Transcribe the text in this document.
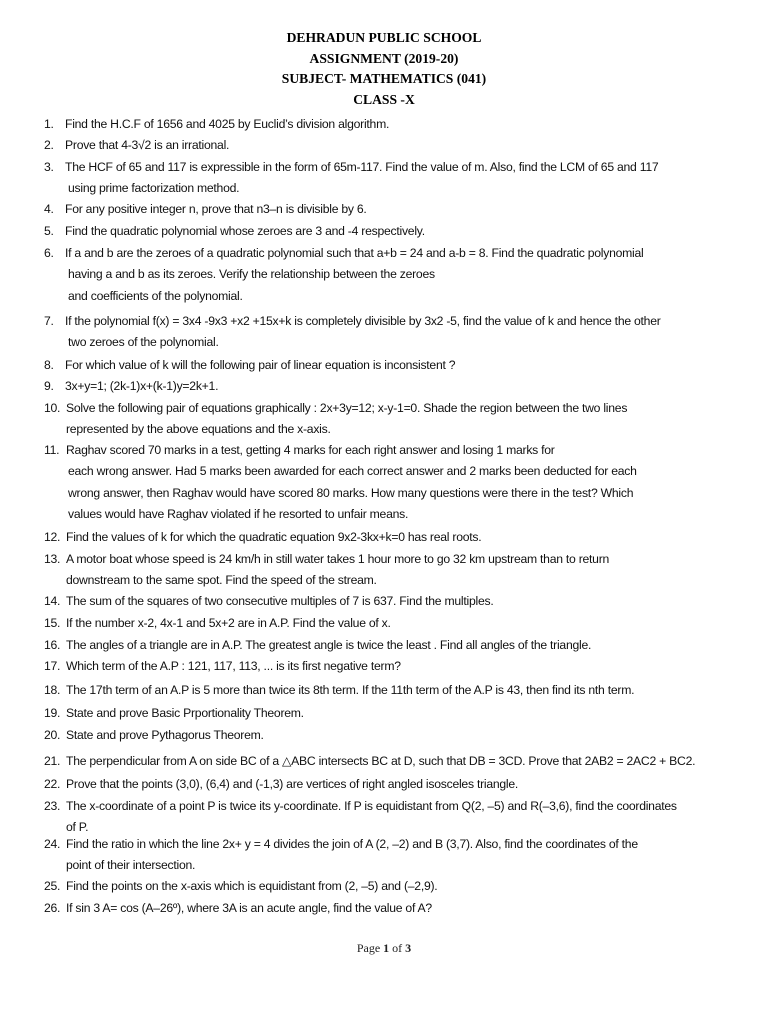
DEHRADUN PUBLIC SCHOOL
ASSIGNMENT (2019-20)
SUBJECT- MATHEMATICS (041)
CLASS -X
1. Find the H.C.F of 1656 and 4025 by Euclid’s division algorithm.
2. Prove that 4-3√2 is an irrational.
3. The HCF of 65 and 117 is expressible in the form of 65m-117. Find the value of m. Also, find the LCM of 65 and 117
using prime factorization method.
4. For any positive integer n, prove that n3–n is divisible by 6.
5. Find the quadratic polynomial whose zeroes are 3 and -4 respectively.
6. If a and b are the zeroes of a quadratic polynomial such that a+b = 24 and a-b = 8. Find the quadratic polynomial
having a and b as its zeroes. Verify the relationship between the zeroes
and coefficients of the polynomial.
7. If the polynomial f(x) = 3x4 -9x3 +x2 +15x+k is completely divisible by 3x2 -5, find the value of k and hence the other
two zeroes of the polynomial.
8. For which value of k will the following pair of linear equation is inconsistent ?
9. 3x+y=1; (2k-1)x+(k-1)y=2k+1.
10. Solve the following pair of equations graphically : 2x+3y=12; x-y-1=0. Shade the region between the two lines
represented by the above equations and the x-axis.
11. Raghav scored 70 marks in a test, getting 4 marks for each right answer and losing 1 marks for
each wrong answer. Had 5 marks been awarded for each correct answer and 2 marks been deducted for each
wrong answer, then Raghav would have scored 80 marks. How many questions were there in the test? Which
values would have Raghav violated if he resorted to unfair means.
12. Find the values of k for which the quadratic equation 9x2-3kx+k=0 has real roots.
13. A motor boat whose speed is 24 km/h in still water takes 1 hour more to go 32 km upstream than to return
downstream to the same spot. Find the speed of the stream.
14. The sum of the squares of two consecutive multiples of 7 is 637. Find the multiples.
15. If the number x-2, 4x-1 and 5x+2 are in A.P. Find the value of x.
16. The angles of a triangle are in A.P. The greatest angle is twice the least . Find all angles of the triangle.
17. Which term of the A.P : 121, 117, 113, ... is its first negative term?
18. The 17th term of an A.P is 5 more than twice its 8th term. If the 11th term of the A.P is 43, then find its nth term.
19. State and prove Basic Prportionality Theorem.
20. State and prove Pythagorus Theorem.
21. The perpendicular from A on side BC of a △ABC intersects BC at D, such that DB = 3CD. Prove that 2AB2 = 2AC2 + BC2.
22. Prove that the points (3,0), (6,4) and (-1,3) are vertices of right angled isosceles triangle.
23. The x-coordinate of a point P is twice its y-coordinate. If P is equidistant from Q(2, –5) and R(–3,6), find the coordinates
of P.
24. Find the ratio in which the line 2x+ y = 4 divides the join of A (2, –2) and B (3,7). Also, find the coordinates of the
point of their intersection.
25. Find the points on the x-axis which is equidistant from (2, –5) and (–2,9).
26. If sin 3 A= cos (A–26º), where 3A is an acute angle, find the value of A?
Page 1 of 3
